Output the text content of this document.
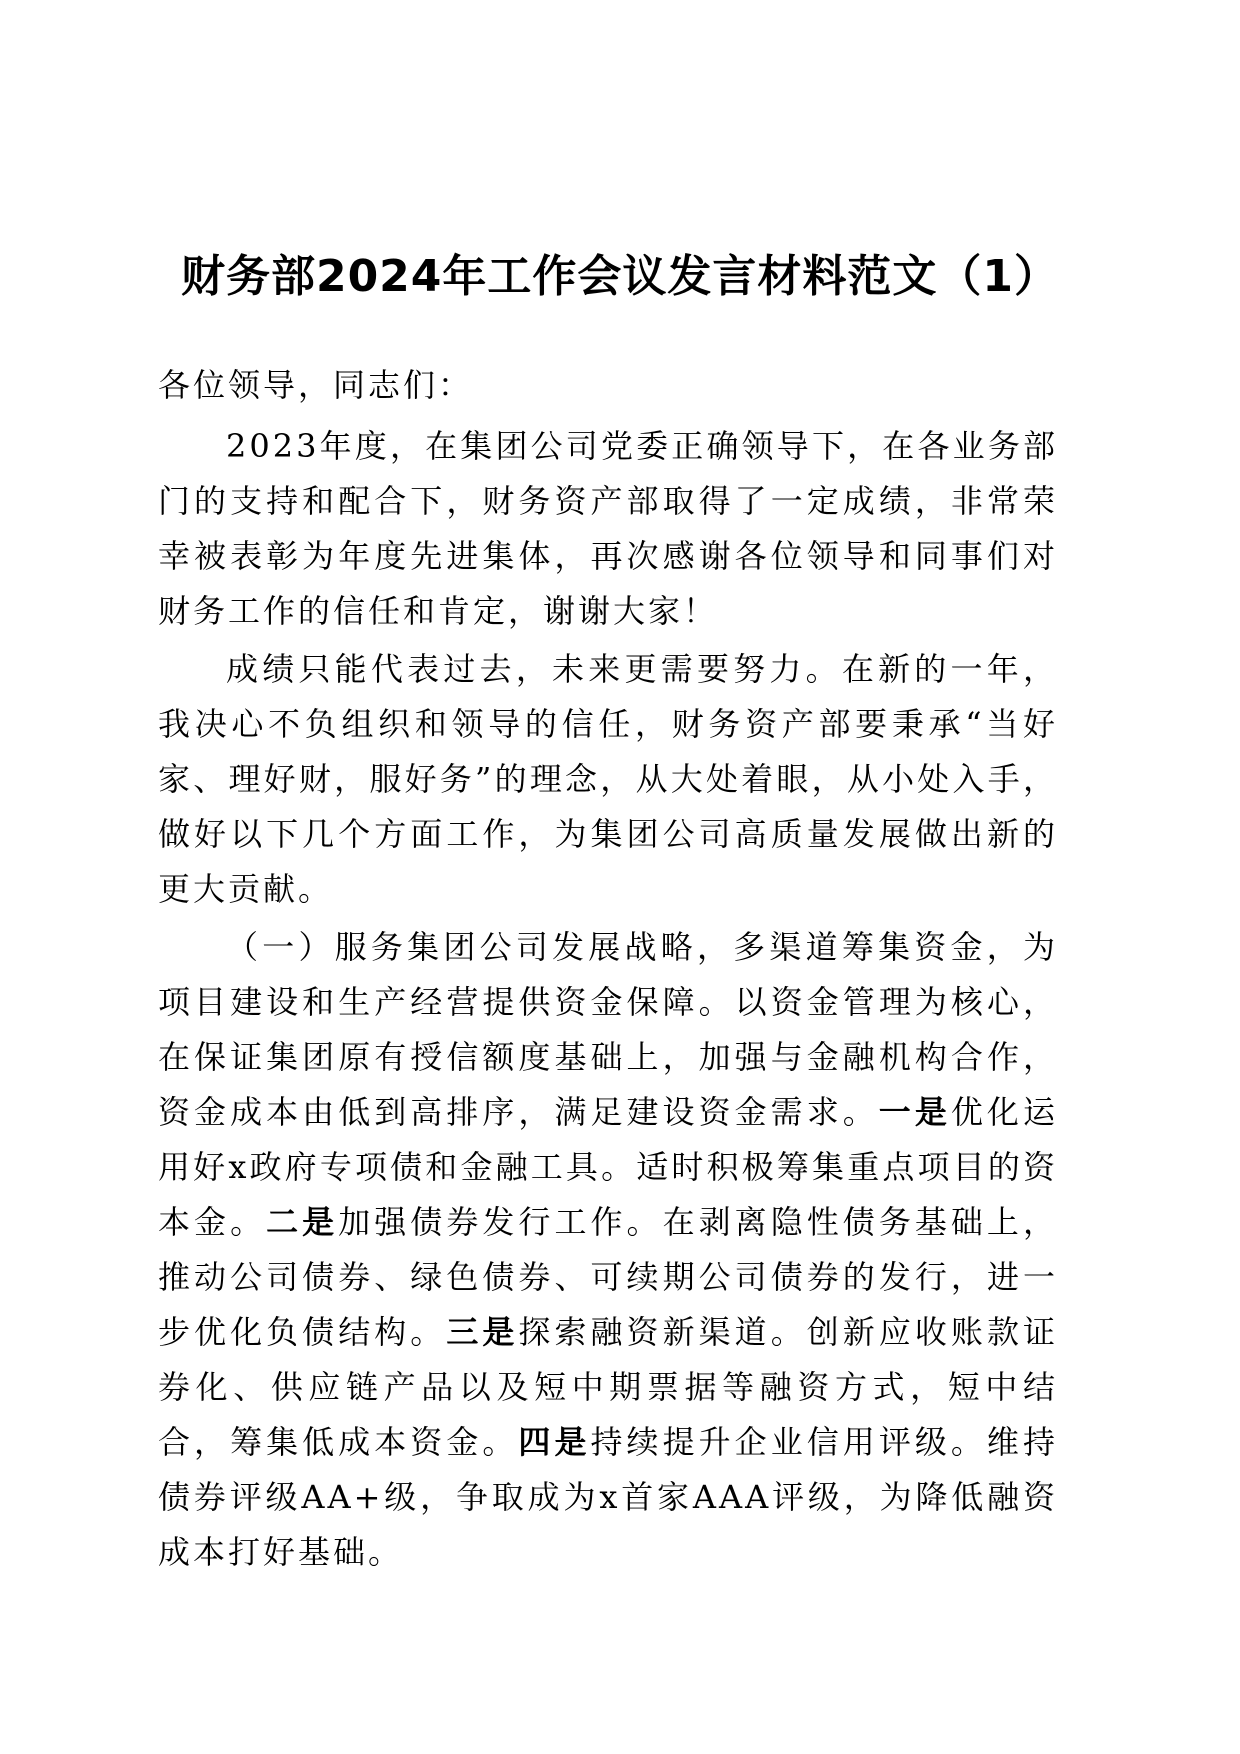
财务部2024年工作会议发言材料范文（1）

各位领导，同志们：

2023年度，在集团公司党委正确领导下，在各业务部门的支持和配合下，财务资产部取得了一定成绩，非常荣幸被表彰为年度先进集体，再次感谢各位领导和同事们对财务工作的信任和肯定，谢谢大家！

成绩只能代表过去，未来更需要努力。在新的一年，我决心不负组织和领导的信任，财务资产部要秉承“当好家、理好财，服好务”的理念，从大处着眼，从小处入手，做好以下几个方面工作，为集团公司高质量发展做出新的更大贡献。

（一）服务集团公司发展战略，多渠道筹集资金，为项目建设和生产经营提供资金保障。以资金管理为核心，在保证集团原有授信额度基础上，加强与金融机构合作，资金成本由低到高排序，满足建设资金需求。一是优化运用好x政府专项债和金融工具。适时积极筹集重点项目的资本金。二是加强债券发行工作。在剥离隐性债务基础上，推动公司债券、绿色债券、可续期公司债券的发行，进一步优化负债结构。三是探索融资新渠道。创新应收账款证券化、供应链产品以及短中期票据等融资方式，短中结合，筹集低成本资金。四是持续提升企业信用评级。维持债券评级AA+级，争取成为x首家AAA评级，为降低融资成本打好基础。
